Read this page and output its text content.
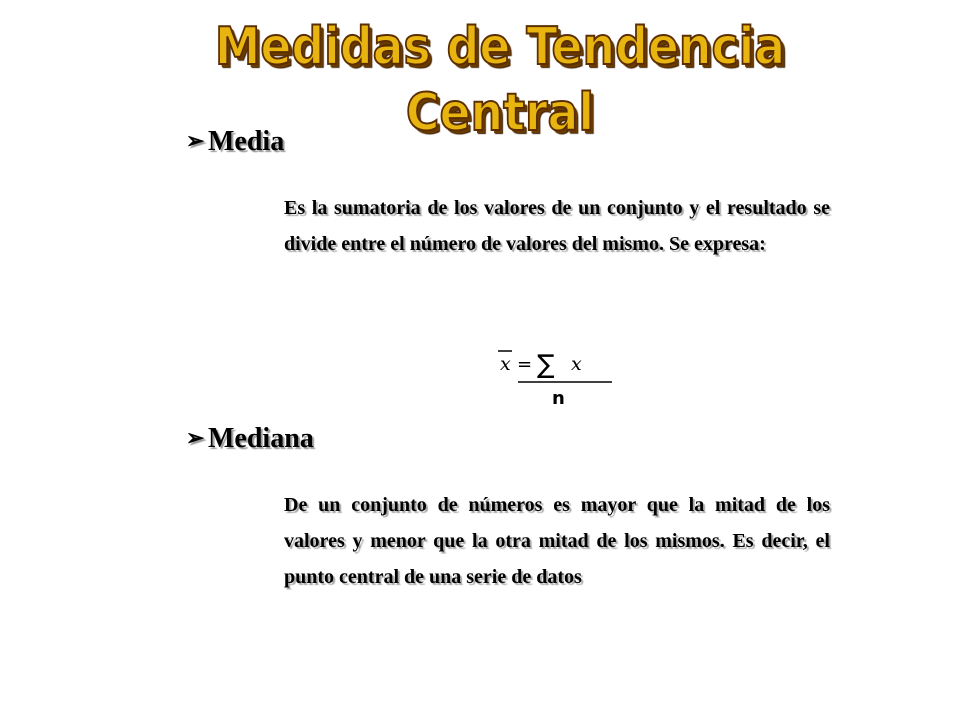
Medidas de Tendencia Central
➢ Media
Es la sumatoria de los valores de un conjunto y el resultado se divide entre el número de valores del mismo. Se expresa:
x = ∑ x
n
➢ Mediana
De un conjunto de números es mayor que la mitad de los valores y menor que la otra mitad de los mismos. Es decir, el punto central de una serie de datos
